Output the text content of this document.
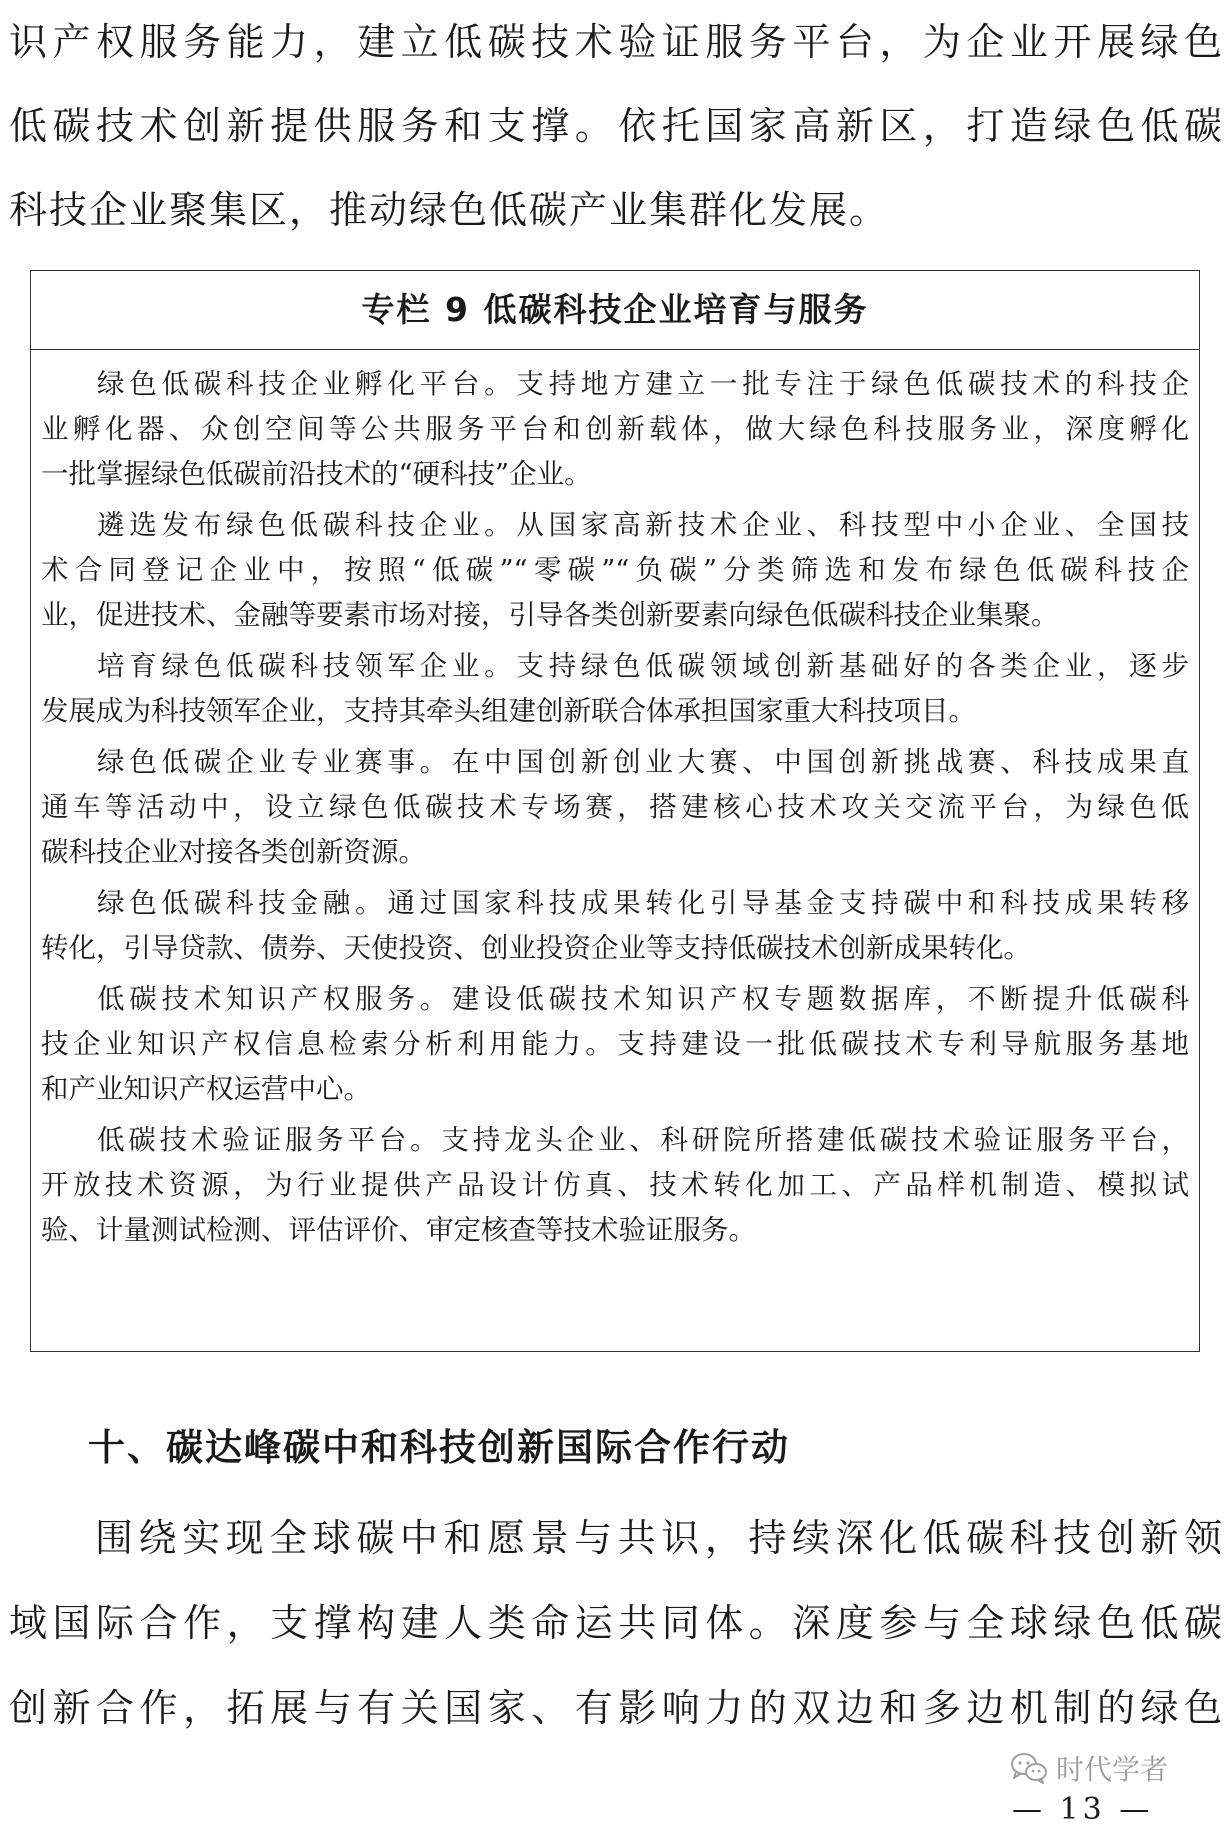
识产权服务能力，建立低碳技术验证服务平台，为企业开展绿色
低碳技术创新提供服务和支撑。依托国家高新区，打造绿色低碳
科技企业聚集区，推动绿色低碳产业集群化发展。
专栏 9 低碳科技企业培育与服务
绿色低碳科技企业孵化平台。支持地方建立一批专注于绿色低碳技术的科技企
业孵化器、众创空间等公共服务平台和创新载体，做大绿色科技服务业，深度孵化
一批掌握绿色低碳前沿技术的“硬科技”企业。
遴选发布绿色低碳科技企业。从国家高新技术企业、科技型中小企业、全国技
术合同登记企业中，按照“低碳”“零碳”“负碳”分类筛选和发布绿色低碳科技企
业，促进技术、金融等要素市场对接，引导各类创新要素向绿色低碳科技企业集聚。
培育绿色低碳科技领军企业。支持绿色低碳领域创新基础好的各类企业，逐步
发展成为科技领军企业，支持其牵头组建创新联合体承担国家重大科技项目。
绿色低碳企业专业赛事。在中国创新创业大赛、中国创新挑战赛、科技成果直
通车等活动中，设立绿色低碳技术专场赛，搭建核心技术攻关交流平台，为绿色低
碳科技企业对接各类创新资源。
绿色低碳科技金融。通过国家科技成果转化引导基金支持碳中和科技成果转移
转化，引导贷款、债券、天使投资、创业投资企业等支持低碳技术创新成果转化。
低碳技术知识产权服务。建设低碳技术知识产权专题数据库，不断提升低碳科
技企业知识产权信息检索分析利用能力。支持建设一批低碳技术专利导航服务基地
和产业知识产权运营中心。
低碳技术验证服务平台。支持龙头企业、科研院所搭建低碳技术验证服务平台，
开放技术资源，为行业提供产品设计仿真、技术转化加工、产品样机制造、模拟试
验、计量测试检测、评估评价、审定核查等技术验证服务。
十、碳达峰碳中和科技创新国际合作行动
围绕实现全球碳中和愿景与共识，持续深化低碳科技创新领
域国际合作，支撑构建人类命运共同体。深度参与全球绿色低碳
创新合作，拓展与有关国家、有影响力的双边和多边机制的绿色
时代学者
— 13 —
